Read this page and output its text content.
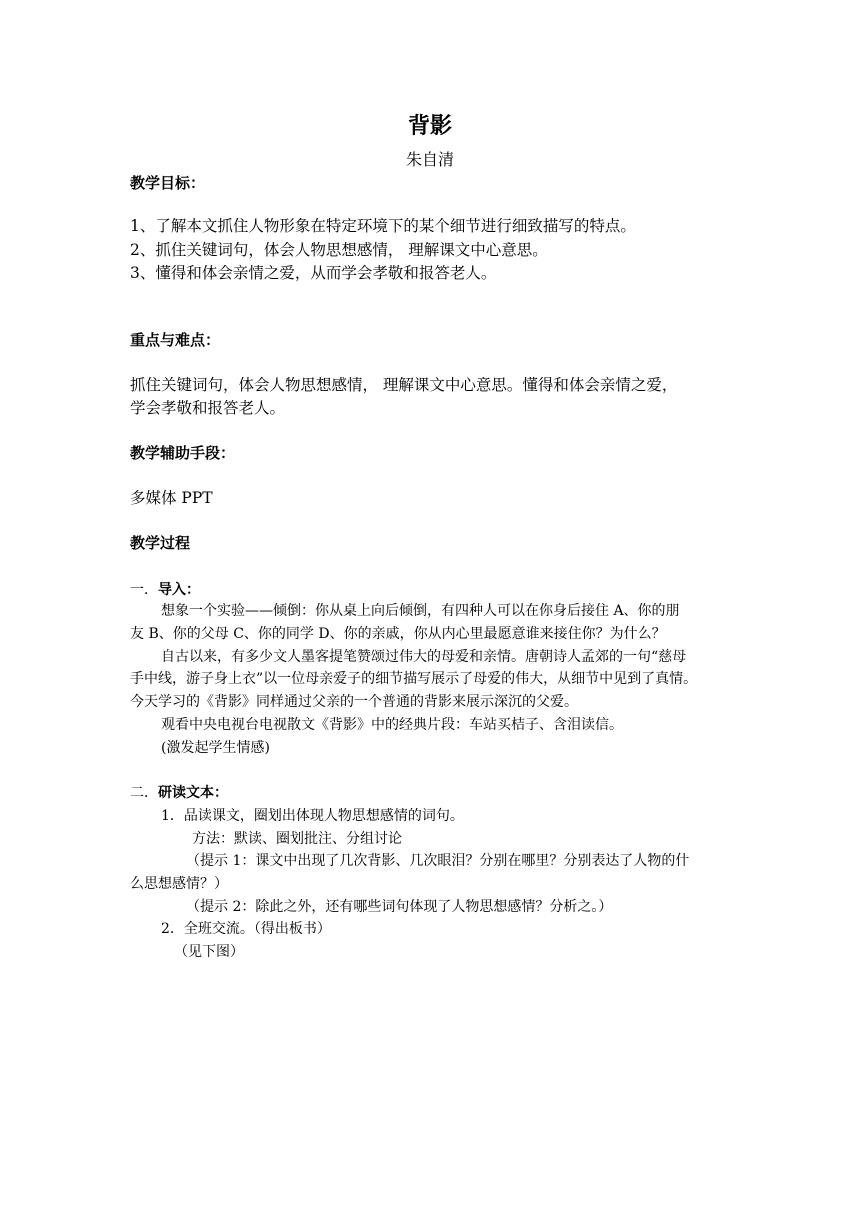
背影
朱自清
教学目标：
1、了解本文抓住人物形象在特定环境下的某个细节进行细致描写的特点。
2、抓住关键词句，体会人物思想感情， 理解课文中心意思。
3、懂得和体会亲情之爱，从而学会孝敬和报答老人。
重点与难点：
抓住关键词句，体会人物思想感情， 理解课文中心意思。懂得和体会亲情之爱，
学会孝敬和报答老人。
教学辅助手段：
多媒体 PPT
教学过程
一．导入：
想象一个实验——倾倒：你从桌上向后倾倒，有四种人可以在你身后接住 A、你的朋
友 B、你的父母 C、你的同学 D、你的亲戚，你从内心里最愿意谁来接住你？为什么？
自古以来，有多少文人墨客提笔赞颂过伟大的母爱和亲情。唐朝诗人孟郊的一句“慈母
手中线，游子身上衣”以一位母亲爱子的细节描写展示了母爱的伟大，从细节中见到了真情。
今天学习的《背影》同样通过父亲的一个普通的背影来展示深沉的父爱。
观看中央电视台电视散文《背影》中的经典片段：车站买桔子、含泪读信。
(激发起学生情感)
二．研读文本：
1．品读课文，圈划出体现人物思想感情的词句。
方法：默读、圈划批注、分组讨论
（提示 1：课文中出现了几次背影、几次眼泪？分别在哪里？分别表达了人物的什
么思想感情？）
（提示 2：除此之外，还有哪些词句体现了人物思想感情？分析之。）
2．全班交流。（得出板书）
（见下图）
